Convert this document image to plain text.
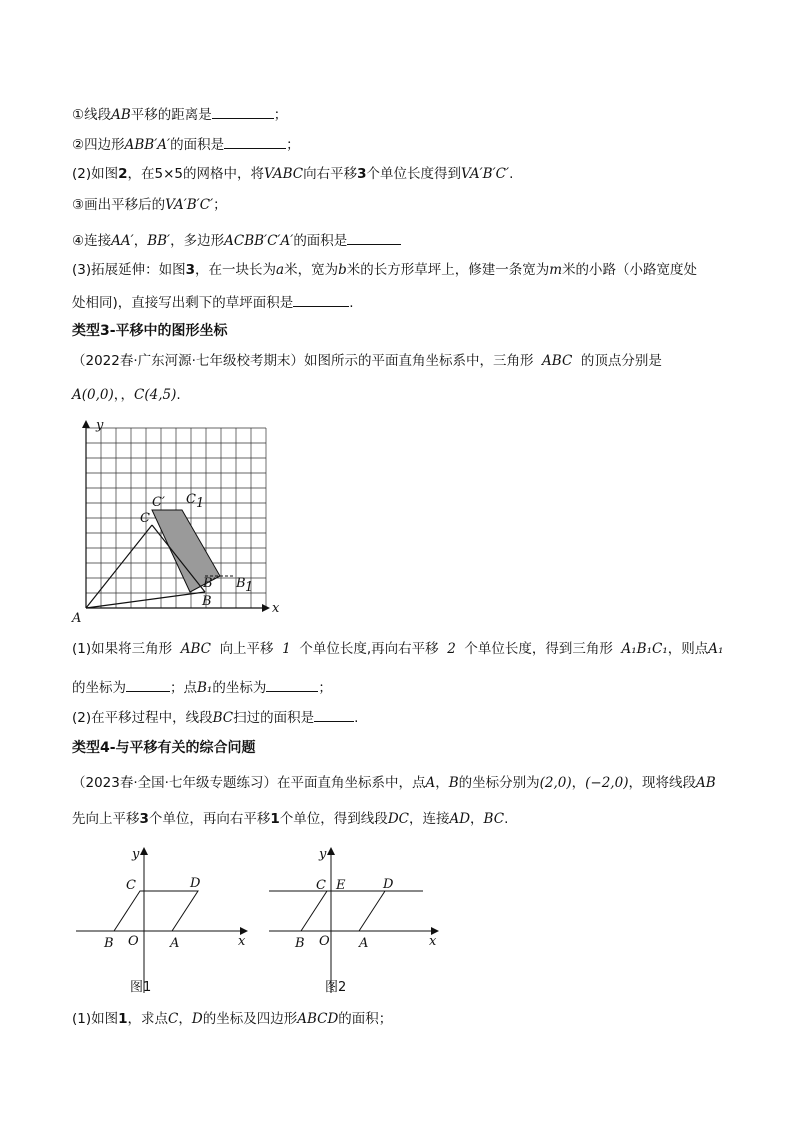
①线段AB平移的距离是	；
②四边形ABB′A′的面积是	；
(2)如图2，在5×5的网格中，将VABC向右平移3个单位长度得到VA′B′C′.
③画出平移后的VA′B′C′；
④连接AA′，BB′，多边形ACBB′C′A′的面积是
(3)拓展延伸：如图3，在一块长为a米，宽为b米的长方形草坪上，修建一条宽为m米的小路（小路宽度处
处相同)，直接写出剩下的草坪面积是	.
类型3-平移中的图形坐标
（2022春·广东河源·七年级校考期末）如图所示的平面直角坐标系中，三角形 ABC 的顶点分别是
A(0,0)，，C(4,5).
y
x
A
B
C
C′ C 1
B′ B 1
(1)如果将三角形 ABC 向上平移 1 个单位长度,再向右平移 2 个单位长度，得到三角形 A₁B₁C₁，则点A₁
的坐标为	；点B₁的坐标为	；
(2)在平移过程中，线段BC扫过的面积是	.
类型4-与平移有关的综合问题
（2023春·全国·七年级专题练习）在平面直角坐标系中，点A，B的坐标分别为(2,0)，(−2,0)，现将线段AB
先向上平移3个单位，再向右平移1个单位，得到线段DC，连接AD，BC.
y
x
C	D
B O A
图1
y
x
C E	D
B O A
图2
(1)如图1，求点C，D的坐标及四边形ABCD的面积；
